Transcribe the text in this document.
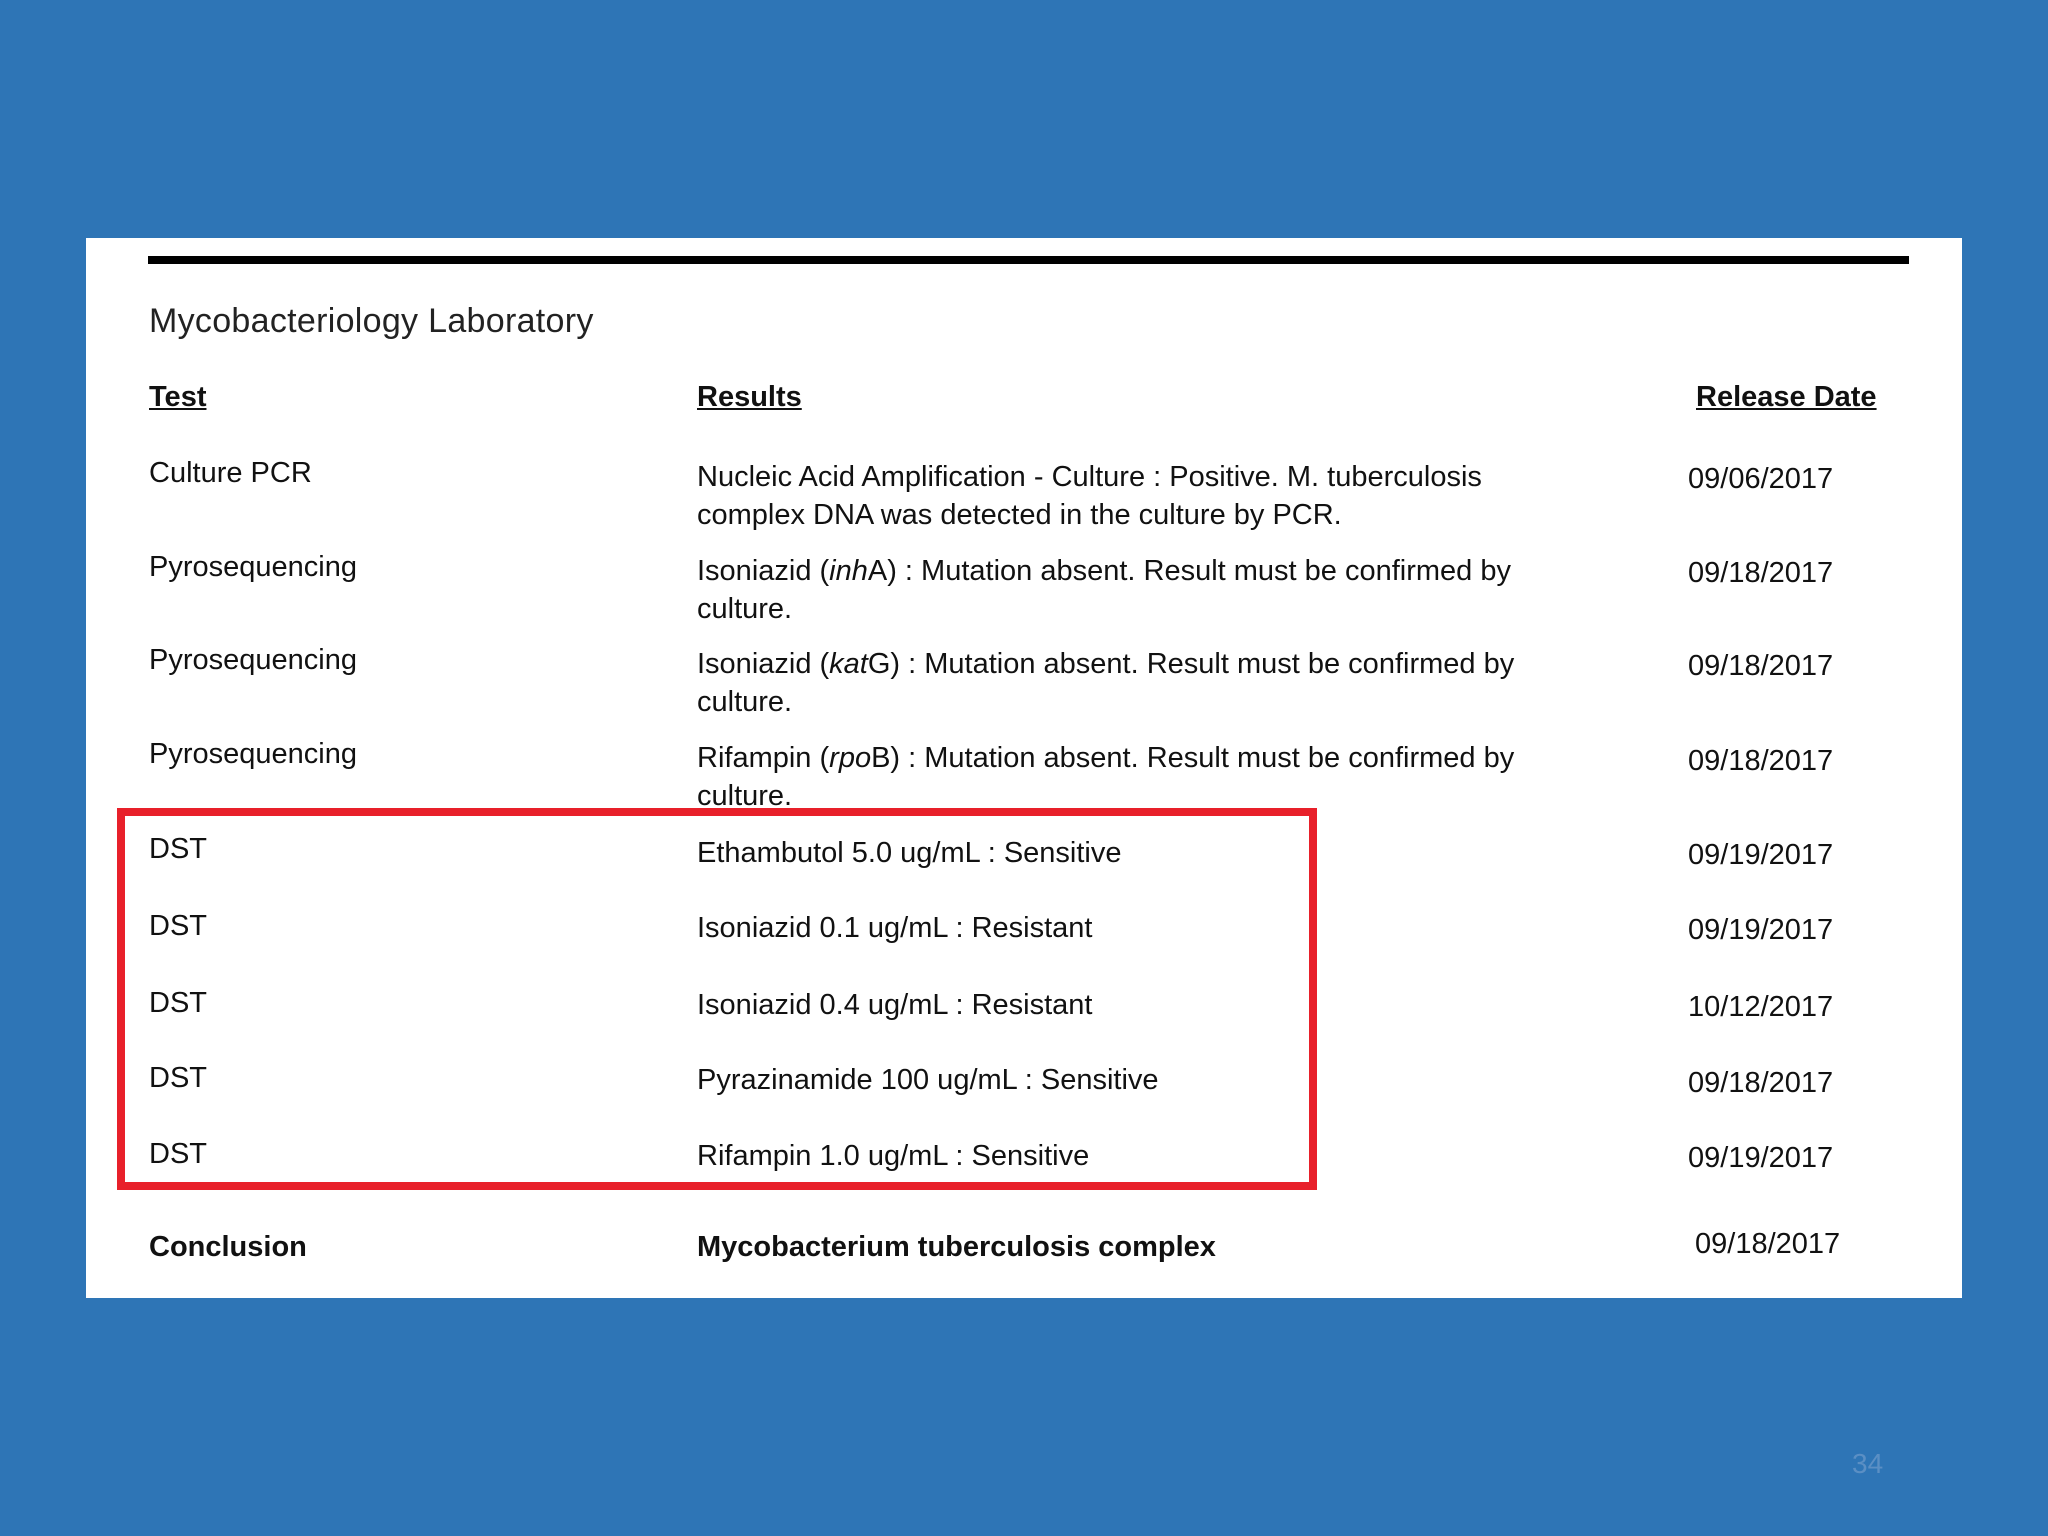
Mycobacteriology Laboratory
Test	Results	Release Date
Culture PCR	Nucleic Acid Amplification - Culture : Positive. M. tuberculosis
complex DNA was detected in the culture by PCR.
09/06/2017
Pyrosequencing	Isoniazid (inhA) : Mutation absent. Result must be confirmed by
culture.
09/18/2017
Pyrosequencing	Isoniazid (katG) : Mutation absent. Result must be confirmed by
culture.
09/18/2017
Pyrosequencing	Rifampin (rpoB) : Mutation absent. Result must be confirmed by
culture.
09/18/2017
DST	Ethambutol 5.0 ug/mL : Sensitive	09/19/2017
DST	Isoniazid 0.1 ug/mL : Resistant	09/19/2017
DST	Isoniazid 0.4 ug/mL : Resistant	10/12/2017
DST	Pyrazinamide 100 ug/mL : Sensitive	09/18/2017
DST	Rifampin 1.0 ug/mL : Sensitive	09/19/2017
Conclusion	Mycobacterium tuberculosis complex	09/18/2017
34
